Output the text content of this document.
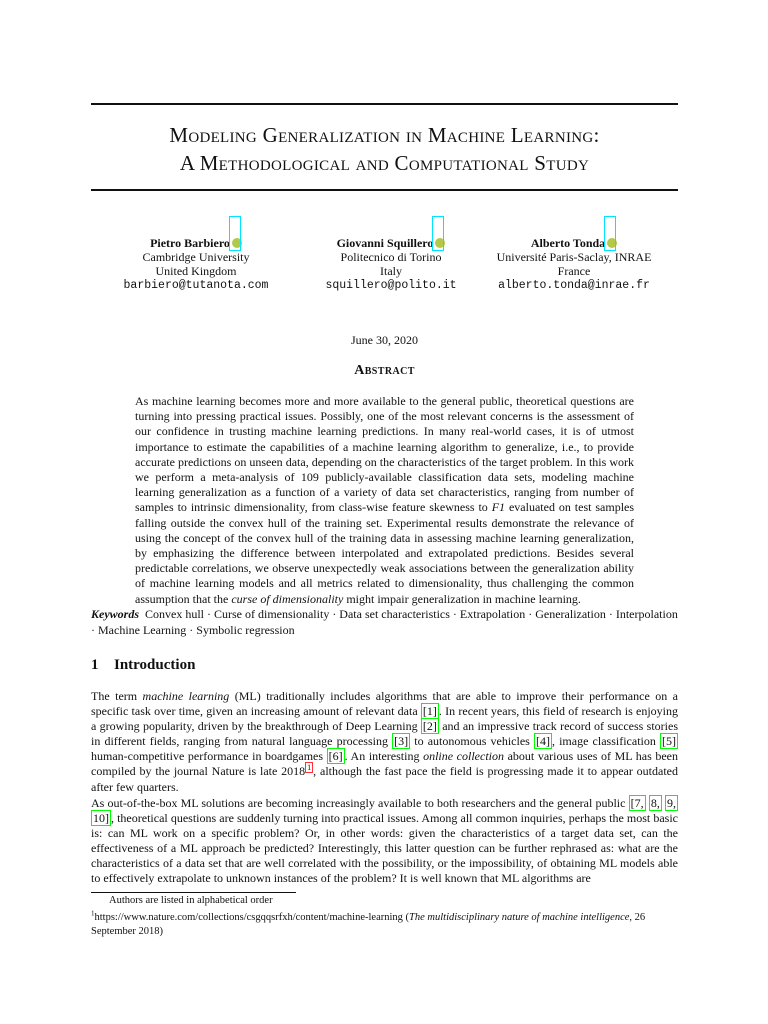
Modeling Generalization in Machine Learning:
A Methodological and Computational Study
Pietro Barbiero
Cambridge University
United Kingdom
barbiero@tutanota.com
Giovanni Squillero
Politecnico di Torino
Italy
squillero@polito.it
Alberto Tonda
Université Paris-Saclay, INRAE
France
alberto.tonda@inrae.fr
June 30, 2020
Abstract
As machine learning becomes more and more available to the general public, theoretical questions are turning into pressing practical issues. Possibly, one of the most relevant concerns is the assessment of our confidence in trusting machine learning predictions. In many real-world cases, it is of utmost importance to estimate the capabilities of a machine learning algorithm to generalize, i.e., to provide accurate predictions on unseen data, depending on the characteristics of the target problem. In this work we perform a meta-analysis of 109 publicly-available classification data sets, modeling machine learning generalization as a function of a variety of data set characteristics, ranging from number of samples to intrinsic dimensionality, from class-wise feature skewness to F1 evaluated on test samples falling outside the convex hull of the training set. Experimental results demonstrate the relevance of using the concept of the convex hull of the training data in assessing machine learning generalization, by emphasizing the difference between interpolated and extrapolated predictions. Besides several predictable correlations, we observe unexpectedly weak associations between the generalization ability of machine learning models and all metrics related to dimensionality, thus challenging the common assumption that the curse of dimensionality might impair generalization in machine learning.
Keywords Convex hull · Curse of dimensionality · Data set characteristics · Extrapolation · Generalization · Interpolation · Machine Learning · Symbolic regression
1 Introduction
The term machine learning (ML) traditionally includes algorithms that are able to improve their performance on a specific task over time, given an increasing amount of relevant data [1] . In recent years, this field of research is enjoying a growing popularity, driven by the breakthrough of Deep Learning [2] and an impressive track record of success stories in different fields, ranging from natural language processing [3] to autonomous vehicles [4] , image classification [5] human-competitive performance in boardgames [6] . An interesting online collection about various uses of ML has been compiled by the journal Nature is late 2018 $^1$ , although the fast pace the field is progressing made it to appear outdated after few quarters.
As out-of-the-box ML solutions are becoming increasingly available to both researchers and the general public [7, 8, 9, 10] , theoretical questions are suddenly turning into practical issues. Among all common inquiries, perhaps the most basic is: can ML work on a specific problem? Or, in other words: given the characteristics of a target data set, can the effectiveness of a ML approach be predicted? Interestingly, this latter question can be further rephrased as: what are the characteristics of a data set that are well correlated with the possibility, or the impossibility, of obtaining ML models able to effectively extrapolate to unknown instances of the problem? It is well known that ML algorithms are
Authors are listed in alphabetical order
$^1$https://www.nature.com/collections/csgqqsrfxh/content/machine-learning (The multidisciplinary nature of machine intelligence, 26 September 2018)
